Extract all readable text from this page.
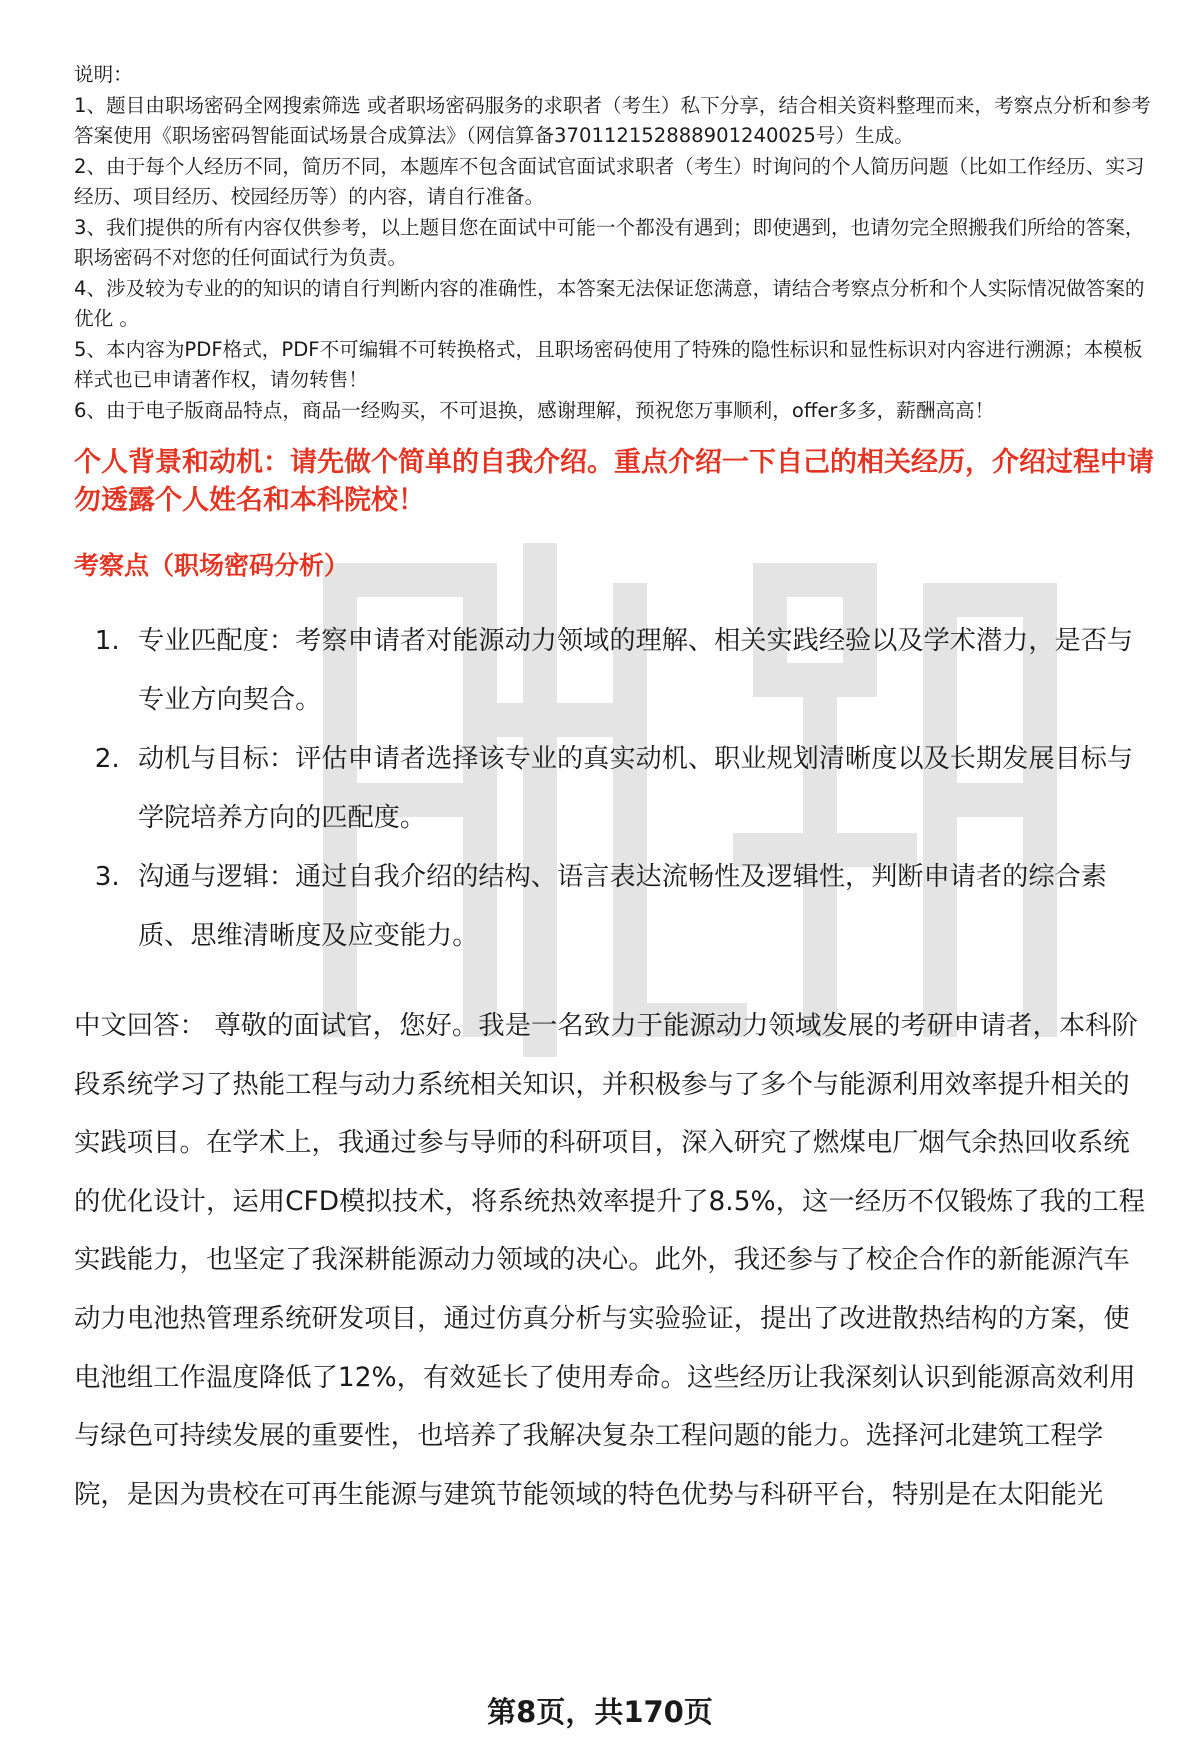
说明：

1、题目由职场密码全网搜索筛选 或者职场密码服务的求职者（考生）私下分享，结合相关资料整理而来，考察点分析和参考答案使用《职场密码智能面试场景合成算法》（网信算备370112152888901240025号）生成。

2、由于每个人经历不同，简历不同，本题库不包含面试官面试求职者（考生）时询问的个人简历问题（比如工作经历、实习经历、项目经历、校园经历等）的内容，请自行准备。

3、我们提供的所有内容仅供参考，以上题目您在面试中可能一个都没有遇到；即使遇到，也请勿完全照搬我们所给的答案，职场密码不对您的任何面试行为负责。

4、涉及较为专业的的知识的请自行判断内容的准确性，本答案无法保证您满意，请结合考察点分析和个人实际情况做答案的优化 。

5、本内容为PDF格式，PDF不可编辑不可转换格式，且职场密码使用了特殊的隐性标识和显性标识对内容进行溯源；本模板样式也已申请著作权，请勿转售！

6、由于电子版商品特点，商品一经购买，不可退换，感谢理解，预祝您万事顺利，offer多多，薪酬高高！

个人背景和动机：请先做个简单的自我介绍。重点介绍一下自己的相关经历，介绍过程中请勿透露个人姓名和本科院校！

考察点（职场密码分析）

1. 专业匹配度：考察申请者对能源动力领域的理解、相关实践经验以及学术潜力，是否与专业方向契合。
2. 动机与目标：评估申请者选择该专业的真实动机、职业规划清晰度以及长期发展目标与学院培养方向的匹配度。
3. 沟通与逻辑：通过自我介绍的结构、语言表达流畅性及逻辑性，判断申请者的综合素质、思维清晰度及应变能力。

中文回答： 尊敬的面试官，您好。我是一名致力于能源动力领域发展的考研申请者，本科阶段系统学习了热能工程与动力系统相关知识，并积极参与了多个与能源利用效率提升相关的实践项目。在学术上，我通过参与导师的科研项目，深入研究了燃煤电厂烟气余热回收系统的优化设计，运用CFD模拟技术，将系统热效率提升了8.5%，这一经历不仅锻炼了我的工程实践能力，也坚定了我深耕能源动力领域的决心。此外，我还参与了校企合作的新能源汽车动力电池热管理系统研发项目，通过仿真分析与实验验证，提出了改进散热结构的方案，使电池组工作温度降低了12%，有效延长了使用寿命。这些经历让我深刻认识到能源高效利用与绿色可持续发展的重要性，也培养了我解决复杂工程问题的能力。选择河北建筑工程学院，是因为贵校在可再生能源与建筑节能领域的特色优势与科研平台，特别是在太阳能光

第8页，共170页
